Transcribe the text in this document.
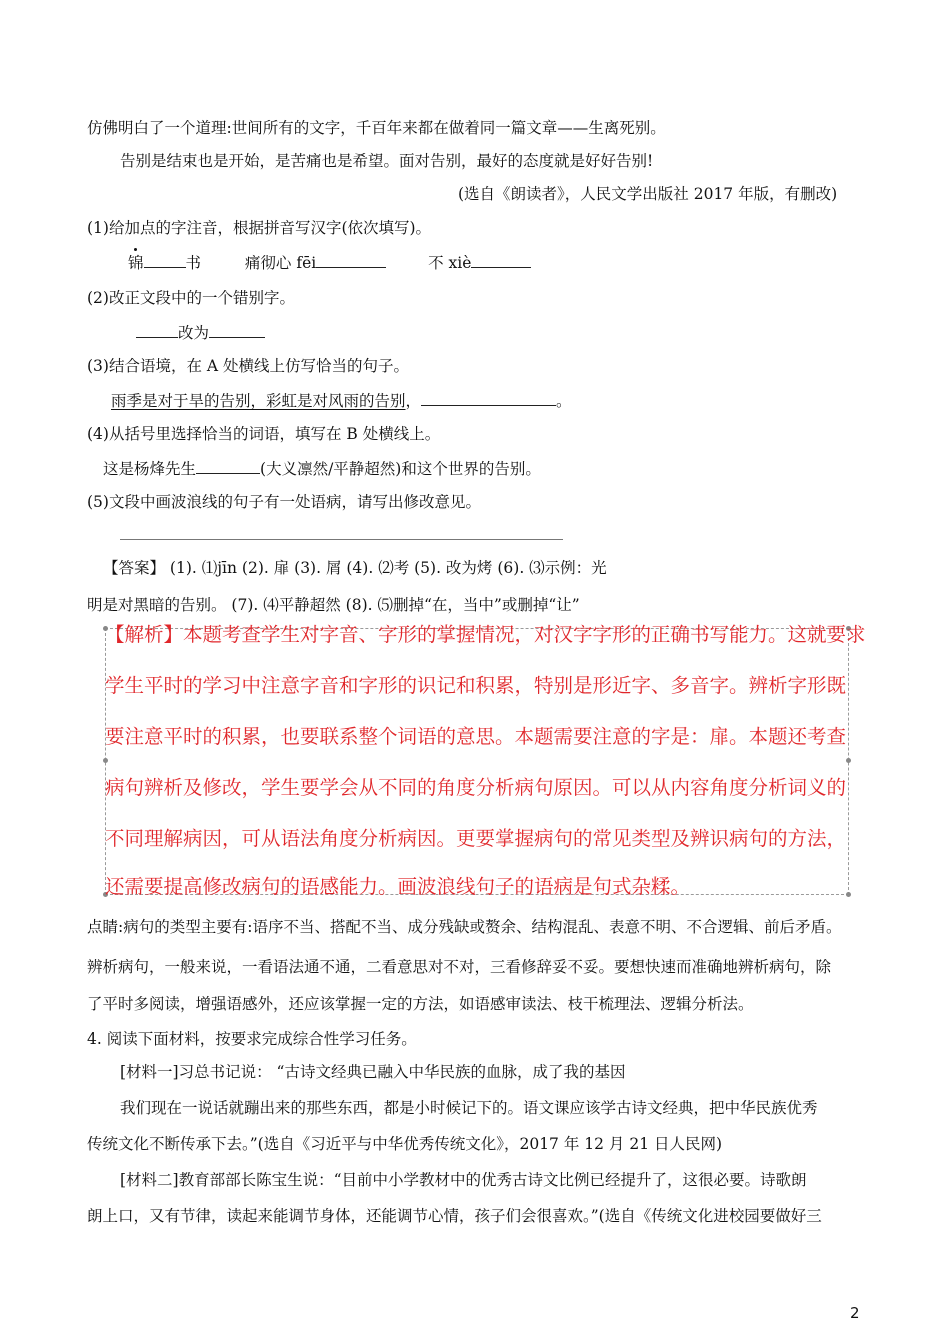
仿佛明白了一个道理:世间所有的文字，千百年来都在做着同一篇文章——生离死别。
告别是结束也是开始，是苦痛也是希望。面对告别，最好的态度就是好好告别!
(选自《朗读者》，人民文学出版社 2017 年版，有删改)
(1)给加点的字注音，根据拼音写汉字(依次填写)。
锦	书	痛彻心 fēi	不 xiè
(2)改正文段中的一个错别字。
改为
(3)结合语境，在 A 处横线上仿写恰当的句子。
雨季是对于旱的告别，彩虹是对风雨的告别，	。
(4)从括号里选择恰当的词语，填写在 B 处横线上。
这是杨烽先生	(大义凛然/平静超然)和这个世界的告别。
(5)文段中画波浪线的句子有一处语病，请写出修改意见。
【答案】 (1). ⑴jīn (2). 扉 (3). 屑 (4). ⑵考 (5). 改为烤 (6). ⑶示例：光
明是对黑暗的告别。 (7). ⑷平静超然 (8). ⑸删掉“在，当中”或删掉“让”
【解析】本题考查学生对字音、字形的掌握情况，对汉字字形的正确书写能力。这就要求
学生平时的学习中注意字音和字形的识记和积累，特别是形近字、多音字。辨析字形既
要注意平时的积累，也要联系整个词语的意思。本题需要注意的字是：扉。本题还考查
病句辨析及修改，学生要学会从不同的角度分析病句原因。可以从内容角度分析词义的
不同理解病因，可从语法角度分析病因。更要掌握病句的常见类型及辨识病句的方法，
还需要提高修改病句的语感能力。画波浪线句子的语病是句式杂糅。
点睛:病句的类型主要有:语序不当、搭配不当、成分残缺或赘余、结构混乱、表意不明、不合逻辑、前后矛盾。
辨析病句，一般来说，一看语法通不通，二看意思对不对，三看修辞妥不妥。要想快速而准确地辨析病句，除
了平时多阅读，增强语感外，还应该掌握一定的方法，如语感审读法、枝干梳理法、逻辑分析法。
4. 阅读下面材料，按要求完成综合性学习任务。
[材料一]习总书记说： “古诗文经典已融入中华民族的血脉，成了我的基因
我们现在一说话就蹦出来的那些东西，都是小时候记下的。语文课应该学古诗文经典，把中华民族优秀
传统文化不断传承下去。”(选自《习近平与中华优秀传统文化》，2017 年 12 月 21 日人民网)
[材料二]教育部部长陈宝生说：“目前中小学教材中的优秀古诗文比例已经提升了，这很必要。诗歌朗
朗上口，又有节律，读起来能调节身体，还能调节心情，孩子们会很喜欢。”(选自《传统文化进校园要做好三
2
